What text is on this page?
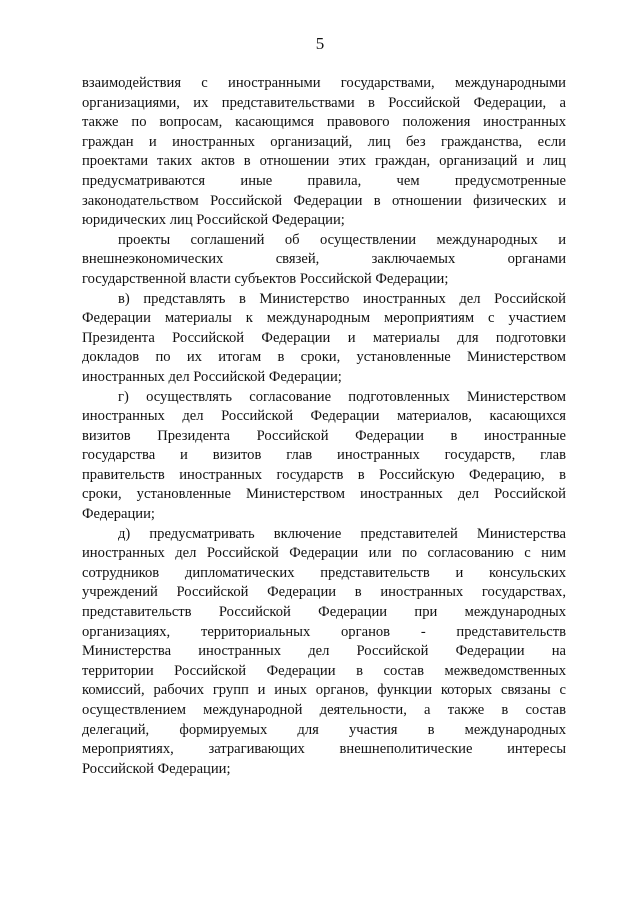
5
взаимодействия с иностранными государствами, международными
организациями, их представительствами в Российской Федерации, а
также по вопросам, касающимся правового положения иностранных
граждан и иностранных организаций, лиц без гражданства, если
проектами таких актов в отношении этих граждан, организаций и лиц
предусматриваются иные правила, чем предусмотренные
законодательством Российской Федерации в отношении физических и
юридических лиц Российской Федерации;
проекты соглашений об осуществлении международных и
внешнеэкономических связей, заключаемых органами
государственной власти субъектов Российской Федерации;
в) представлять в Министерство иностранных дел Российской
Федерации материалы к международным мероприятиям с участием
Президента Российской Федерации и материалы для подготовки
докладов по их итогам в сроки, установленные Министерством
иностранных дел Российской Федерации;
г) осуществлять согласование подготовленных Министерством
иностранных дел Российской Федерации материалов, касающихся
визитов Президента Российской Федерации в иностранные
государства и визитов глав иностранных государств, глав
правительств иностранных государств в Российскую Федерацию, в
сроки, установленные Министерством иностранных дел Российской
Федерации;
д) предусматривать включение представителей Министерства
иностранных дел Российской Федерации или по согласованию с ним
сотрудников дипломатических представительств и консульских
учреждений Российской Федерации в иностранных государствах,
представительств Российской Федерации при международных
организациях, территориальных органов - представительств
Министерства иностранных дел Российской Федерации на
территории Российской Федерации в состав межведомственных
комиссий, рабочих групп и иных органов, функции которых связаны с
осуществлением международной деятельности, а также в состав
делегаций, формируемых для участия в международных
мероприятиях, затрагивающих внешнеполитические интересы
Российской Федерации;
